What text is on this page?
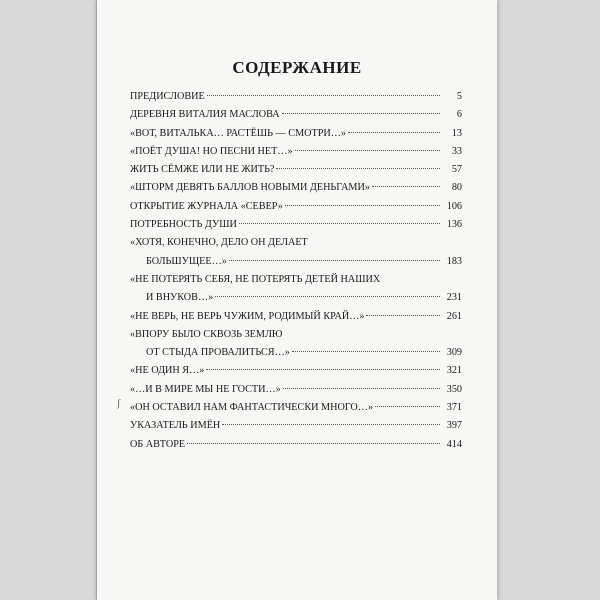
СОДЕРЖАНИЕ
ПРЕДИСЛОВИЕ	5
ДЕРЕВНЯ ВИТАЛИЯ МАСЛОВА	6
«ВОТ, ВИТАЛЬКА… РАСТЁШЬ — СМОТРИ…»	13
«ПОЁТ ДУША! НО ПЕСНИ НЕТ…»	33
ЖИТЬ СЁМЖЕ ИЛИ НЕ ЖИТЬ?	57
«ШТОРМ ДЕВЯТЬ БАЛЛОВ НОВЫМИ ДЕНЬГАМИ»	80
ОТКРЫТИЕ ЖУРНАЛА «СЕВЕР»	106
ПОТРЕБНОСТЬ ДУШИ	136
«ХОТЯ, КОНЕЧНО, ДЕЛО ОН ДЕЛАЕТ
БОЛЬШУЩЕЕ…»	183
«НЕ ПОТЕРЯТЬ СЕБЯ, НЕ ПОТЕРЯТЬ ДЕТЕЙ НАШИХ
И ВНУКОВ…»	231
«НЕ ВЕРЬ, НЕ ВЕРЬ ЧУЖИМ, РОДИМЫЙ КРАЙ…»	261
«ВПОРУ БЫЛО СКВОЗЬ ЗЕМЛЮ
ОТ СТЫДА ПРОВАЛИТЬСЯ…»	309
«НЕ ОДИН Я…»	321
«…И В МИРЕ МЫ НЕ ГОСТИ…»	350
«ОН ОСТАВИЛ НАМ ФАНТАСТИЧЕСКИ МНОГО…»	371
УКАЗАТЕЛЬ ИМЁН	397
ОБ АВТОРЕ	414
ʃ
